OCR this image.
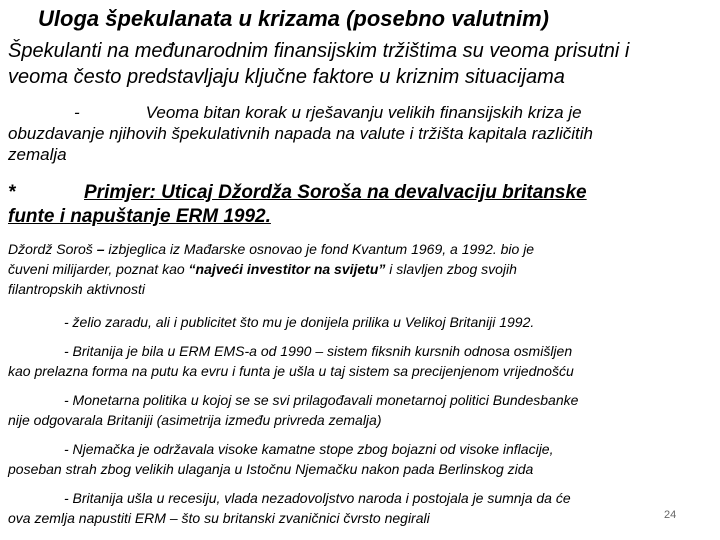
Uloga špekulanata u krizama (posebno valutnim)
Špekulanti na međunarodnim finansijskim tržištima su veoma prisutni i
veoma često predstavljaju ključne faktore u kriznim situacijama
-	Veoma bitan korak u rješavanju velikih finansijskih kriza je
obuzdavanje njihovih špekulativnih napada na valute i tržišta kapitala različitih
zemalja
*	Primjer: Uticaj Džordža Soroša na devalvaciju britanske
funte i napuštanje ERM 1992.
Džordž Soroš – izbjeglica iz Mađarske osnovao je fond Kvantum 1969, a 1992. bio je
čuveni milijarder, poznat kao “najveći investitor na svijetu” i slavljen zbog svojih
filantropskih aktivnosti
- želio zaradu, ali i publicitet što mu je donijela prilika u Velikoj Britaniji 1992.
- Britanija je bila u ERM EMS-a od 1990 – sistem fiksnih kursnih odnosa osmišljen
kao prelazna forma na putu ka evru i funta je ušla u taj sistem sa precijenjenom vrijednošću
- Monetarna politika u kojoj se se svi prilagođavali monetarnoj politici Bundesbanke
nije odgovarala Britaniji (asimetrija između privreda zemalja)
- Njemačka je održavala visoke kamatne stope zbog bojazni od visoke inflacije,
poseban strah zbog velikih ulaganja u Istočnu Njemačku nakon pada Berlinskog zida
- Britanija ušla u recesiju, vlada nezadovoljstvo naroda i postojala je sumnja da će
ova zemlja napustiti ERM – što su britanski zvaničnici čvrsto negirali	24
